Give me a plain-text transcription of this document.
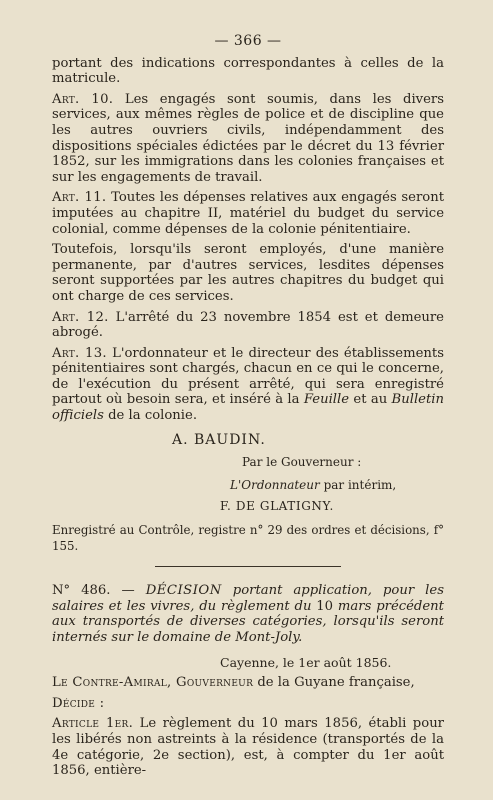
— 366 —

portant des indications correspondantes à celles de la matricule.

Art. 10. Les engagés sont soumis, dans les divers services, aux mêmes règles de police et de discipline que les autres ouvriers civils, indépendamment des dispositions spéciales édictées par le décret du 13 février 1852, sur les immigrations dans les colonies françaises et sur les engagements de travail.

Art. 11. Toutes les dépenses relatives aux engagés seront imputées au chapitre II, matériel du budget du service colonial, comme dépenses de la colonie pénitentiaire.

Toutefois, lorsqu'ils seront employés, d'une manière permanente, par d'autres services, lesdites dépenses seront supportées par les autres chapitres du budget qui ont charge de ces services.

Art. 12. L'arrêté du 23 novembre 1854 est et demeure abrogé.

Art. 13. L'ordonnateur et le directeur des établissements pénitentiaires sont chargés, chacun en ce qui le concerne, de l'exécution du présent arrêté, qui sera enregistré partout où besoin sera, et inséré à la Feuille et au Bulletin officiels de la colonie.

A. BAUDIN.

Par le Gouverneur :

L'Ordonnateur par intérim,

F. DE GLATIGNY.

Enregistré au Contrôle, registre n° 29 des ordres et décisions, f° 155.

N° 486. — DÉCISION portant application, pour les salaires et les vivres, du règlement du 10 mars précédent aux transportés de diverses catégories, lorsqu'ils seront internés sur le domaine de Mont-Joly.

Cayenne, le 1er août 1856.

Le Contre-Amiral, Gouverneur de la Guyane française,

Décide :

Article 1er. Le règlement du 10 mars 1856, établi pour les libérés non astreints à la résidence (transportés de la 4e catégorie, 2e section), est, à compter du 1er août 1856, entière-
